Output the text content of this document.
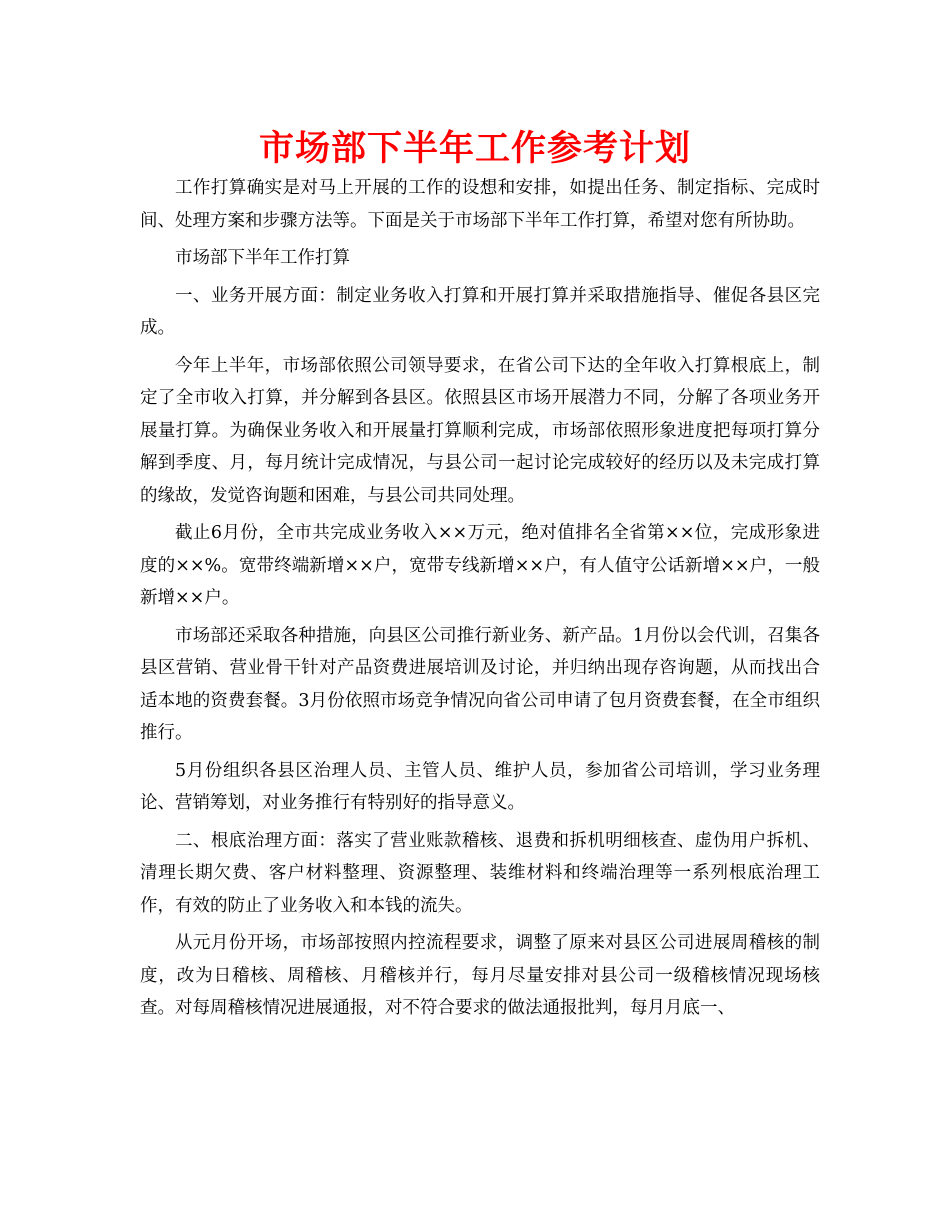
市场部下半年工作参考计划

工作打算确实是对马上开展的工作的设想和安排，如提出任务、制定指标、完成时间、处理方案和步骤方法等。下面是关于市场部下半年工作打算，希望对您有所协助。

市场部下半年工作打算

一、业务开展方面：制定业务收入打算和开展打算并采取措施指导、催促各县区完成。

今年上半年，市场部依照公司领导要求，在省公司下达的全年收入打算根底上，制定了全市收入打算，并分解到各县区。依照县区市场开展潜力不同，分解了各项业务开展量打算。为确保业务收入和开展量打算顺利完成，市场部依照形象进度把每项打算分解到季度、月，每月统计完成情况，与县公司一起讨论完成较好的经历以及未完成打算的缘故，发觉咨询题和困难，与县公司共同处理。

截止6月份，全市共完成业务收入××万元，绝对值排名全省第××位，完成形象进度的××%。宽带终端新增××户，宽带专线新增××户，有人值守公话新增××户，一般新增××户。

市场部还采取各种措施，向县区公司推行新业务、新产品。1月份以会代训，召集各县区营销、营业骨干针对产品资费进展培训及讨论，并归纳出现存咨询题，从而找出合适本地的资费套餐。3月份依照市场竞争情况向省公司申请了包月资费套餐，在全市组织推行。

5月份组织各县区治理人员、主管人员、维护人员，参加省公司培训，学习业务理论、营销筹划，对业务推行有特别好的指导意义。

二、根底治理方面：落实了营业账款稽核、退费和拆机明细核查、虚伪用户拆机、清理长期欠费、客户材料整理、资源整理、装维材料和终端治理等一系列根底治理工作，有效的防止了业务收入和本钱的流失。

从元月份开场，市场部按照内控流程要求，调整了原来对县区公司进展周稽核的制度，改为日稽核、周稽核、月稽核并行，每月尽量安排对县公司一级稽核情况现场核查。对每周稽核情况进展通报，对不符合要求的做法通报批判，每月月底一、
